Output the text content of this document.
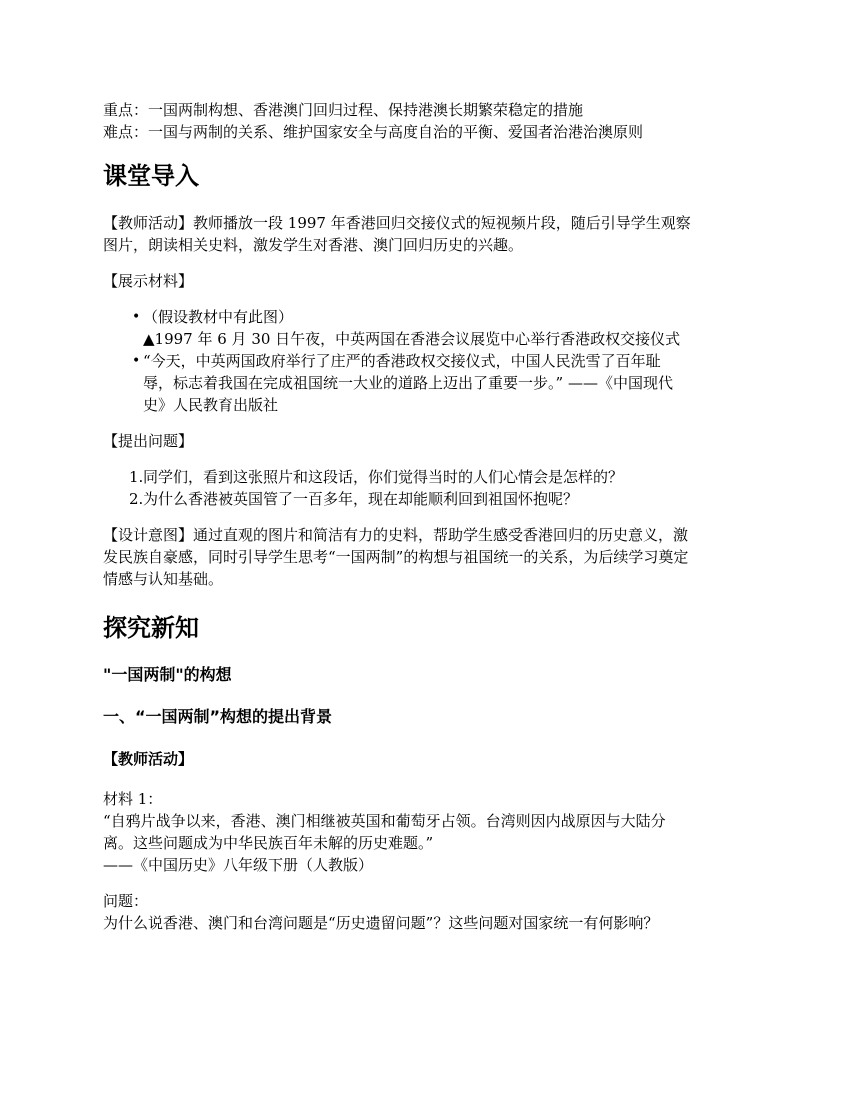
重点：一国两制构想、香港澳门回归过程、保持港澳长期繁荣稳定的措施

难点：一国与两制的关系、维护国家安全与高度自治的平衡、爱国者治港治澳原则

课堂导入

【教师活动】教师播放一段 1997 年香港回归交接仪式的短视频片段，随后引导学生观察

图片，朗读相关史料，激发学生对香港、澳门回归历史的兴趣。

【展示材料】

• （假设教材中有此图）
▲1997 年 6 月 30 日午夜，中英两国在香港会议展览中心举行香港政权交接仪式
• “今天，中英两国政府举行了庄严的香港政权交接仪式，中国人民洗雪了百年耻
辱，标志着我国在完成祖国统一大业的道路上迈出了重要一步。” ——《中国现代
史》人民教育出版社

【提出问题】

1. 同学们，看到这张照片和这段话，你们觉得当时的人们心情会是怎样的？
2. 为什么香港被英国管了一百多年，现在却能顺利回到祖国怀抱呢？

【设计意图】通过直观的图片和简洁有力的史料，帮助学生感受香港回归的历史意义，激

发民族自豪感，同时引导学生思考“一国两制”的构想与祖国统一的关系，为后续学习奠定

情感与认知基础。

探究新知
"一国两制"的构想
一、“一国两制”构想的提出背景

【教师活动】

材料 1：

“自鸦片战争以来，香港、澳门相继被英国和葡萄牙占领。台湾则因内战原因与大陆分

离。这些问题成为中华民族百年未解的历史难题。”

——《中国历史》八年级下册（人教版）

问题：

为什么说香港、澳门和台湾问题是“历史遗留问题”？这些问题对国家统一有何影响？
